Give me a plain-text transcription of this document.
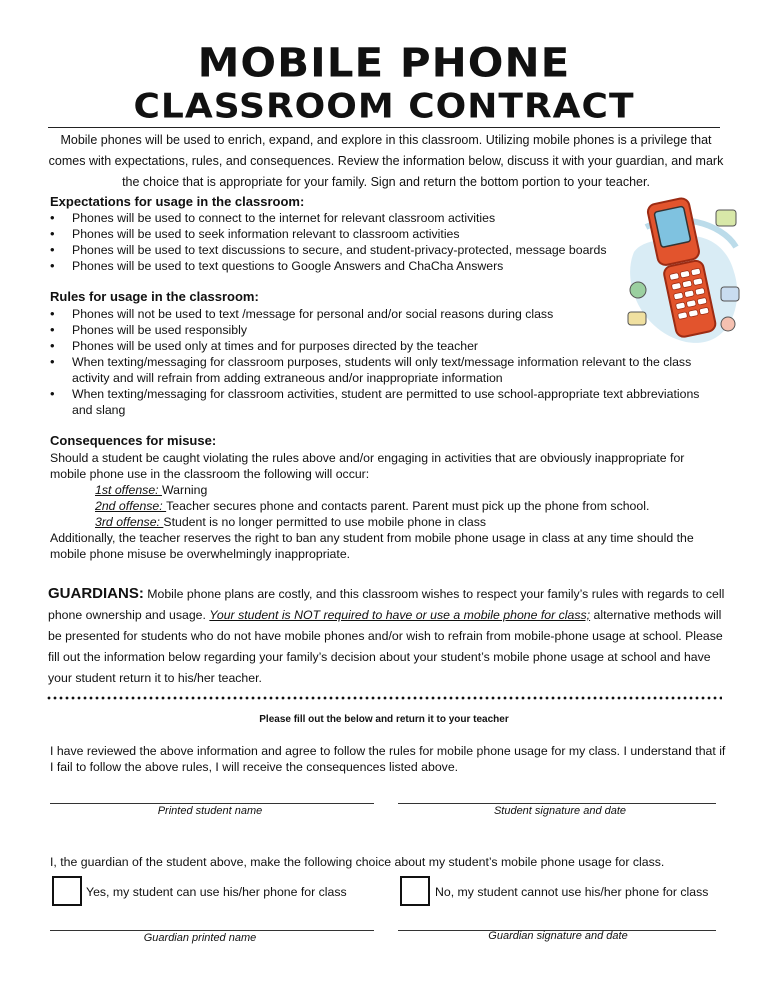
MOBILE PHONE
CLASSROOM CONTRACT
Mobile phones will be used to enrich, expand, and explore in this classroom. Utilizing mobile phones is a privilege that comes with expectations, rules, and consequences. Review the information below, discuss it with your guardian, and mark the choice that is appropriate for your family. Sign and return the bottom portion to your teacher.
Expectations for usage in the classroom:
• Phones will be used to connect to the internet for relevant classroom activities
• Phones will be used to seek information relevant to classroom activities
• Phones will be used to text discussions to secure, and student-privacy-protected, message boards
• Phones will be used to text questions to Google Answers and ChaCha Answers
Rules for usage in the classroom:
• Phones will not be used to text /message for personal and/or social reasons during class
• Phones will be used responsibly
• Phones will be used only at times and for purposes directed by the teacher
• When texting/messaging for classroom purposes, students will only text/message information relevant to the class activity and will refrain from adding extraneous and/or inappropriate information
• When texting/messaging for classroom activities, student are permitted to use school-appropriate text abbreviations and slang
Consequences for misuse:
Should a student be caught violating the rules above and/or engaging in activities that are obviously inappropriate for mobile phone use in the classroom the following will occur:
1st offense: Warning
2nd offense: Teacher secures phone and contacts parent. Parent must pick up the phone from school.
3rd offense: Student is no longer permitted to use mobile phone in class
Additionally, the teacher reserves the right to ban any student from mobile phone usage in class at any time should the mobile phone misuse be overwhelmingly inappropriate.
GUARDIANS: Mobile phone plans are costly, and this classroom wishes to respect your family’s rules with regards to cell phone ownership and usage. Your student is NOT required to have or use a mobile phone for class; alternative methods will be presented for students who do not have mobile phones and/or wish to refrain from mobile-phone usage at school. Please fill out the information below regarding your family’s decision about your student’s mobile phone usage at school and have your student return it to his/her teacher.
Please fill out the below and return it to your teacher
I have reviewed the above information and agree to follow the rules for mobile phone usage for my class. I understand that if I fail to follow the above rules, I will receive the consequences listed above.
Printed student name	Student signature and date
I, the guardian of the student above, make the following choice about my student’s mobile phone usage for class.
Yes, my student can use his/her phone for class	No, my student cannot use his/her phone for class
Guardian printed name	Guardian signature and date
